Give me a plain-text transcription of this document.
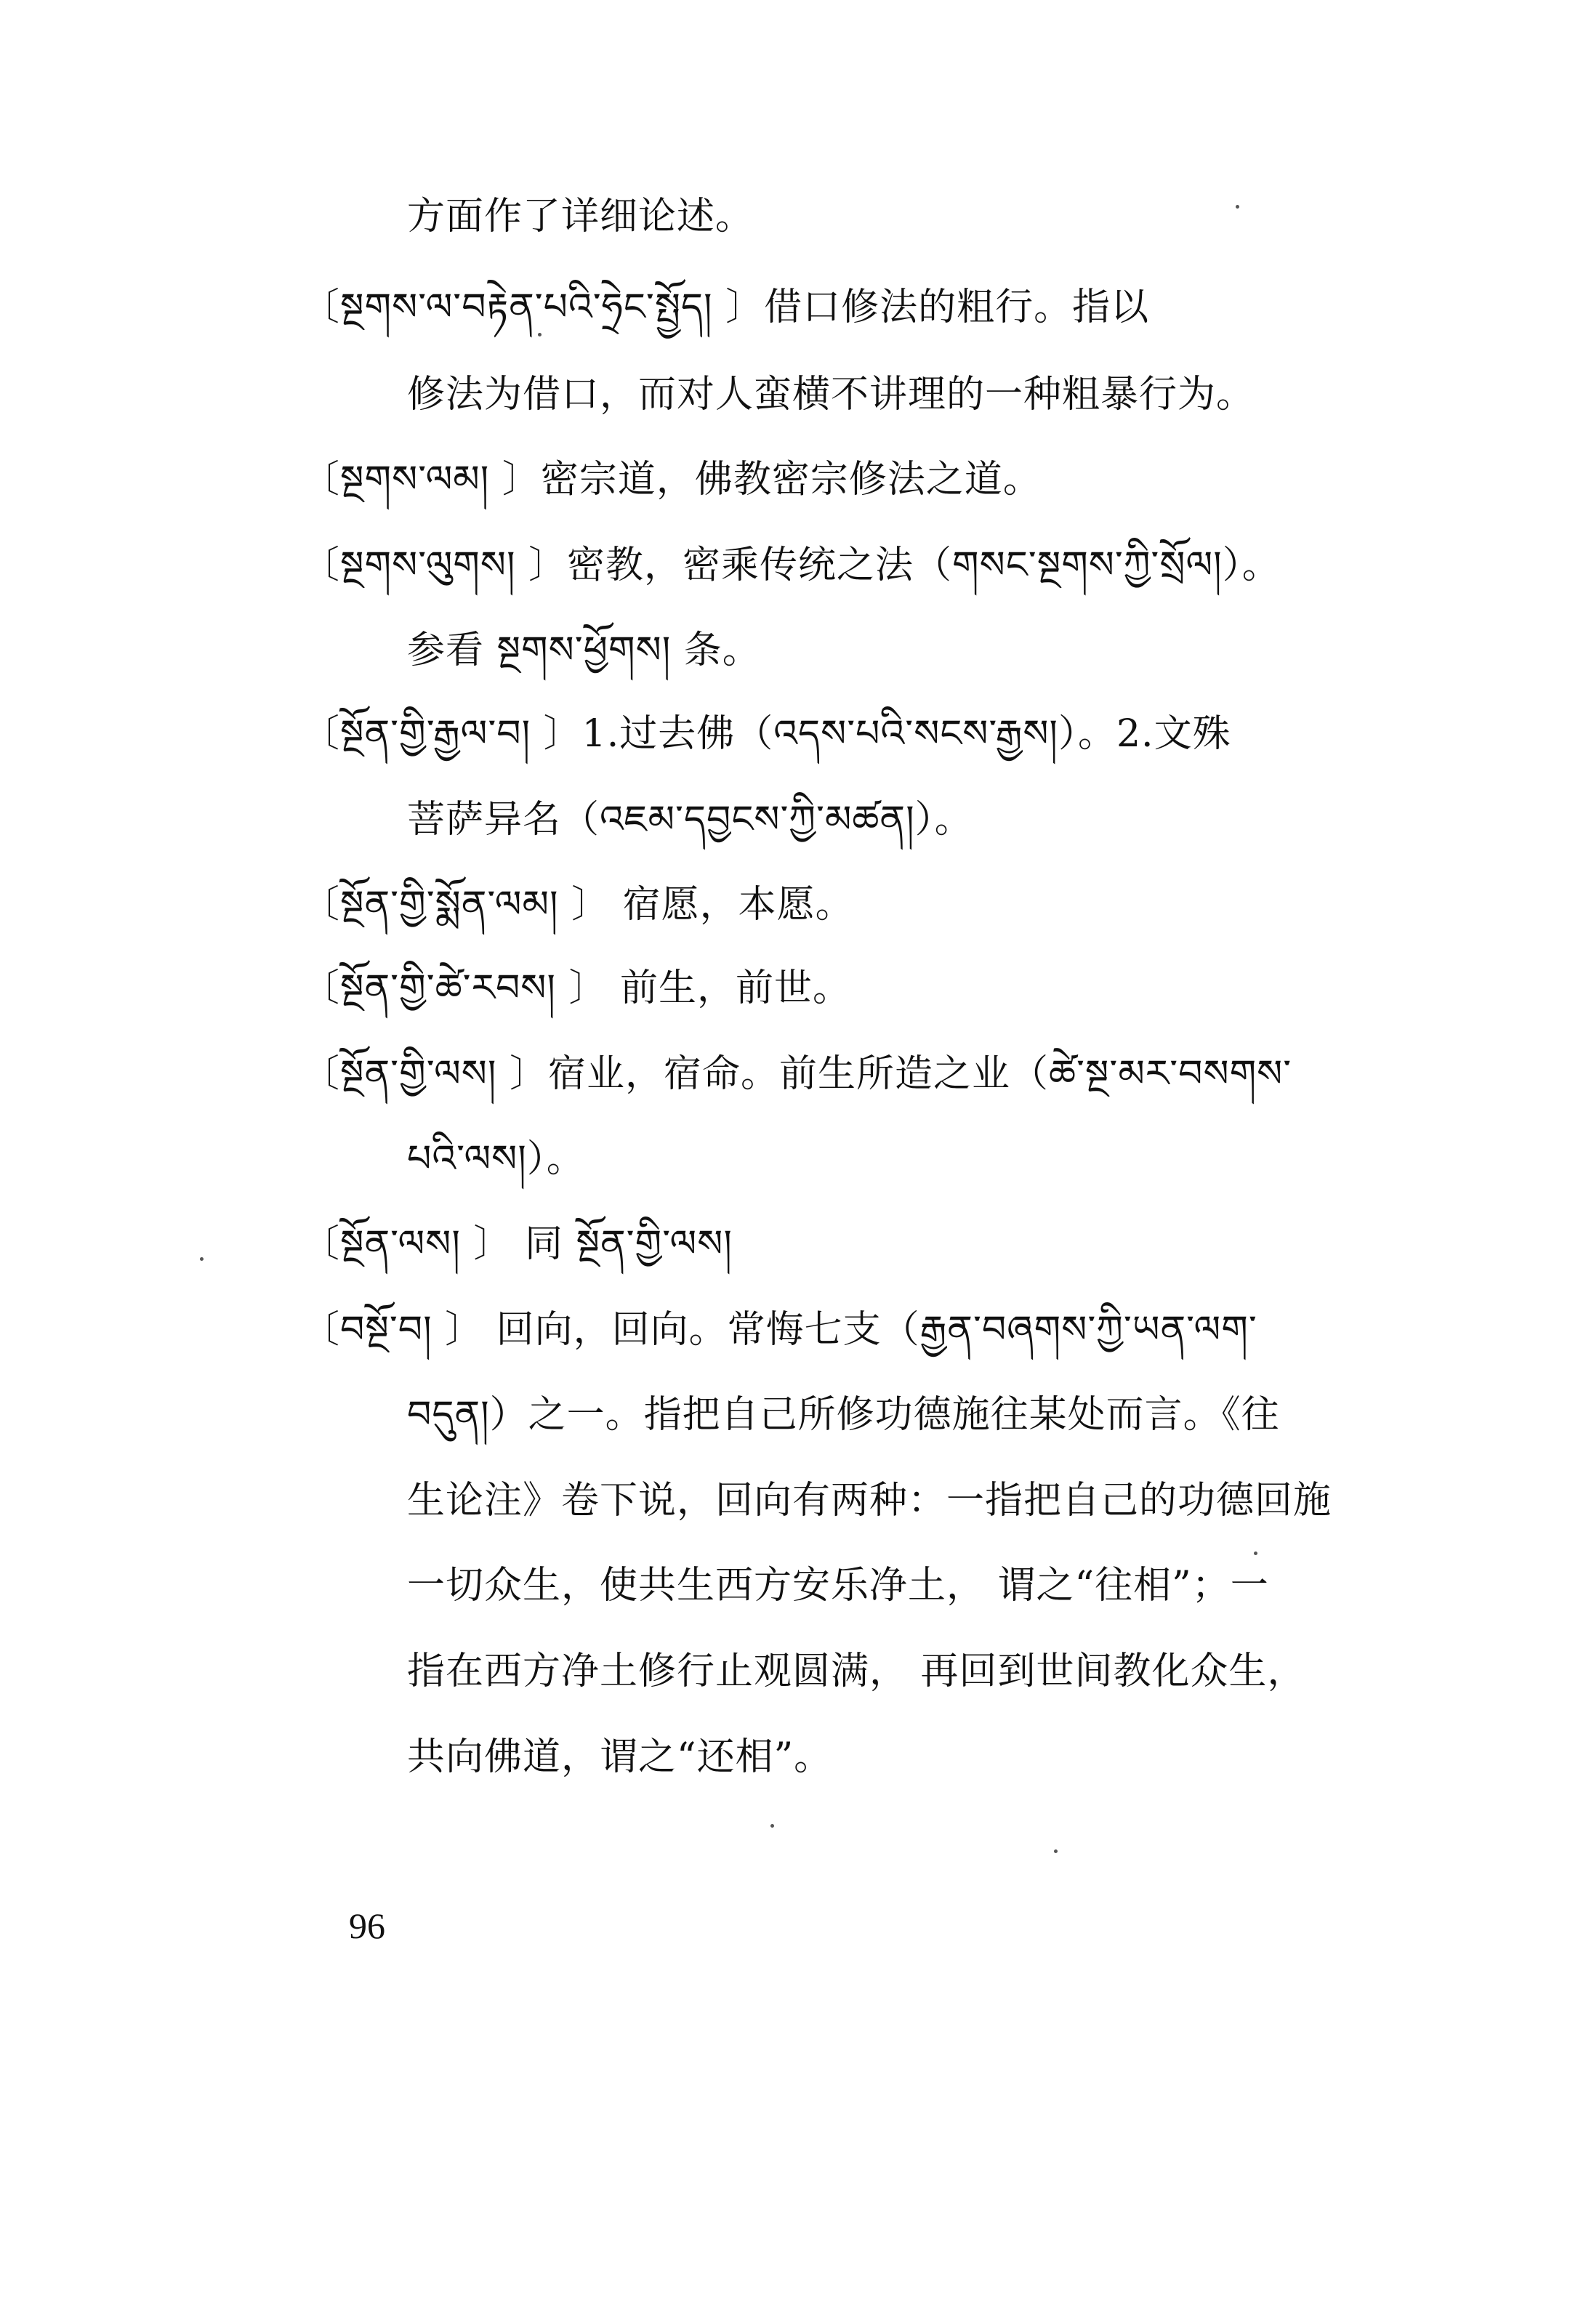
方面作了详细论述。
〔སྔགས་ལ་བརྟེན་པའི་ཧྲེང་སྤྱོད། 〕借口修法的粗行。指以
修法为借口，而对人蛮横不讲理的一种粗暴行为。
〔སྔགས་ལམ། 〕密宗道，佛教密宗修法之道。
〔སྔགས་ལུགས། 〕密教，密乘传统之法（གསང་སྔགས་ཀྱི་སྲོལ།）。
参看 སྔགས་ཕྱོགས། 条。
〔སྔོན་གྱི་རྒྱལ་བ། 〕1.过去佛（འདས་པའི་སངས་རྒྱས།）。2.文殊
菩萨异名（འཇམ་དབྱངས་ཀྱི་མཚན།）。
〔སྔོན་གྱི་སྨོན་ལམ། 〕 宿愿，本愿。
〔སྔོན་གྱི་ཚེ་རབས། 〕 前生，前世。
〔སྔོན་གྱི་ལས། 〕宿业，宿命。前生所造之业（ཚེ་སྔ་མར་བསགས་
པའི་ལས།）。
〔སྔོན་ལས། 〕 同 སྔོན་གྱི་ལས།
〔བསྔོ་བ། 〕 回向，回向。常悔七支（རྒྱན་བཞགས་ཀྱི་ཡན་ལག་
བདུན།）之一。指把自己所修功德施往某处而言。《往
生论注》卷下说，回向有两种：一指把自己的功德回施
一切众生，使共生西方安乐净土， 谓之“往相”；一
指在西方净土修行止观圆满， 再回到世间教化众生，
共向佛道，谓之“还相”。
96
